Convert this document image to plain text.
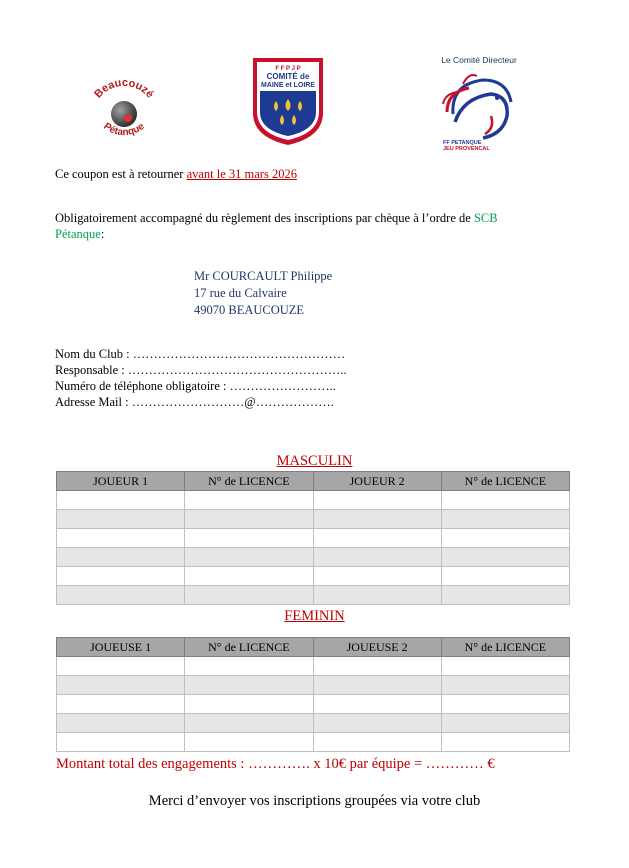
Beaucouzé
Pétanque
F F P J P
COMITÉ de
MAINE et LOIRE
Le Comité Directeur
FF PETANQUE
JEU PROVENCAL
Ce coupon est à retourner avant le 31 mars 2026
Obligatoirement accompagné du règlement des inscriptions par chèque à l’ordre de SCB
Pétanque:
Mr COURCAULT Philippe
17 rue du Calvaire
49070 BEAUCOUZE
Nom du Club : ……………………………………………
Responsable : ……………………………………………..
Numéro de téléphone obligatoire : ……………………..
Adresse Mail : ………………………@……………….
MASCULIN
JOUEUR 1	N° de LICENCE	JOUEUR 2	N° de LICENCE

FEMININ
JOUEUSE 1	N° de LICENCE	JOUEUSE 2	N° de LICENCE

Montant total des engagements : …………. x 10€ par équipe = ………… €
Merci d’envoyer vos inscriptions groupées via votre club
